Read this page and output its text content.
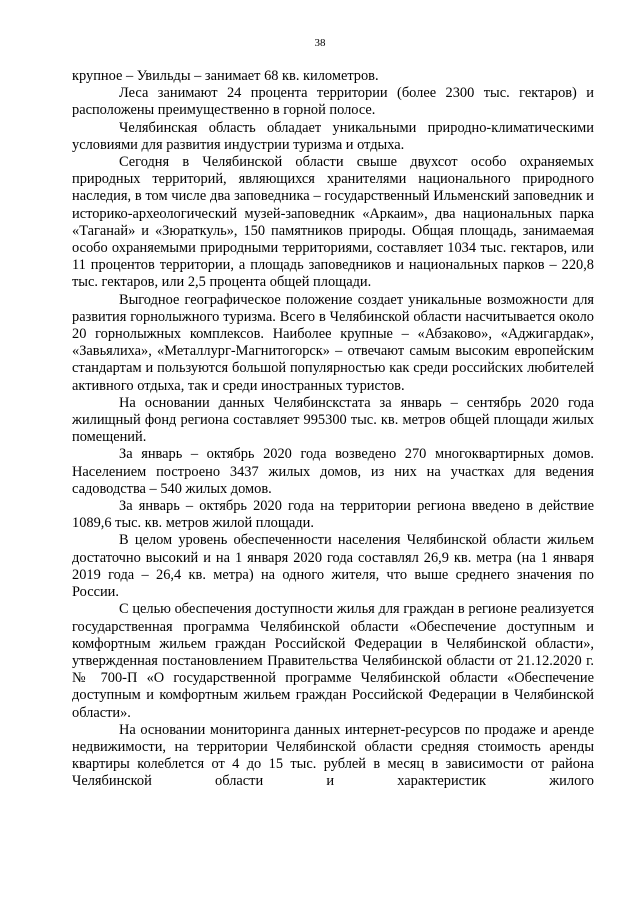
38

крупное – Увильды – занимает 68 кв. километров.

Леса занимают 24 процента территории (более 2300 тыс. гектаров) и расположены преимущественно в горной полосе.

Челябинская область обладает уникальными природно-климатическими условиями для развития индустрии туризма и отдыха.

Сегодня в Челябинской области свыше двухсот особо охраняемых природных территорий, являющихся хранителями национального природного наследия, в том числе два заповедника – государственный Ильменский заповедник и историко-археологический музей-заповедник «Аркаим», два национальных парка «Таганай» и «Зюраткуль», 150 памятников природы. Общая площадь, занимаемая особо охраняемыми природными территориями, составляет 1034 тыс. гектаров, или 11 процентов территории, а площадь заповедников и национальных парков – 220,8 тыс. гектаров, или 2,5 процента общей площади.

Выгодное географическое положение создает уникальные возможности для развития горнолыжного туризма. Всего в Челябинской области насчитывается около 20 горнолыжных комплексов. Наиболее крупные – «Абзаково», «Аджигардак», «Завьялиха», «Металлург-Магнитогорск» – отвечают самым высоким европейским стандартам и пользуются большой популярностью как среди российских любителей активного отдыха, так и среди иностранных туристов.

На основании данных Челябинскстата за январь – сентябрь 2020 года жилищный фонд региона составляет 995300 тыс. кв. метров общей площади жилых помещений.

За январь – октябрь 2020 года возведено 270 многоквартирных домов. Населением построено 3437 жилых домов, из них на участках для ведения садоводства – 540 жилых домов.

За январь – октябрь 2020 года на территории региона введено в действие 1089,6 тыс. кв. метров жилой площади.

В целом уровень обеспеченности населения Челябинской области жильем достаточно высокий и на 1 января 2020 года составлял 26,9 кв. метра (на 1 января 2019 года – 26,4 кв. метра) на одного жителя, что выше среднего значения по России.

С целью обеспечения доступности жилья для граждан в регионе реализуется государственная программа Челябинской области «Обеспечение доступным и комфортным жильем граждан Российской Федерации в Челябинской области», утвержденная постановлением Правительства Челябинской области от 21.12.2020 г. № 700-П «О государственной программе Челябинской области «Обеспечение доступным и комфортным жильем граждан Российской Федерации в Челябинской области».

На основании мониторинга данных интернет-ресурсов по продаже и аренде недвижимости, на территории Челябинской области средняя стоимость аренды квартиры колеблется от 4 до 15 тыс. рублей в месяц в зависимости от района Челябинской области и характеристик жилого
